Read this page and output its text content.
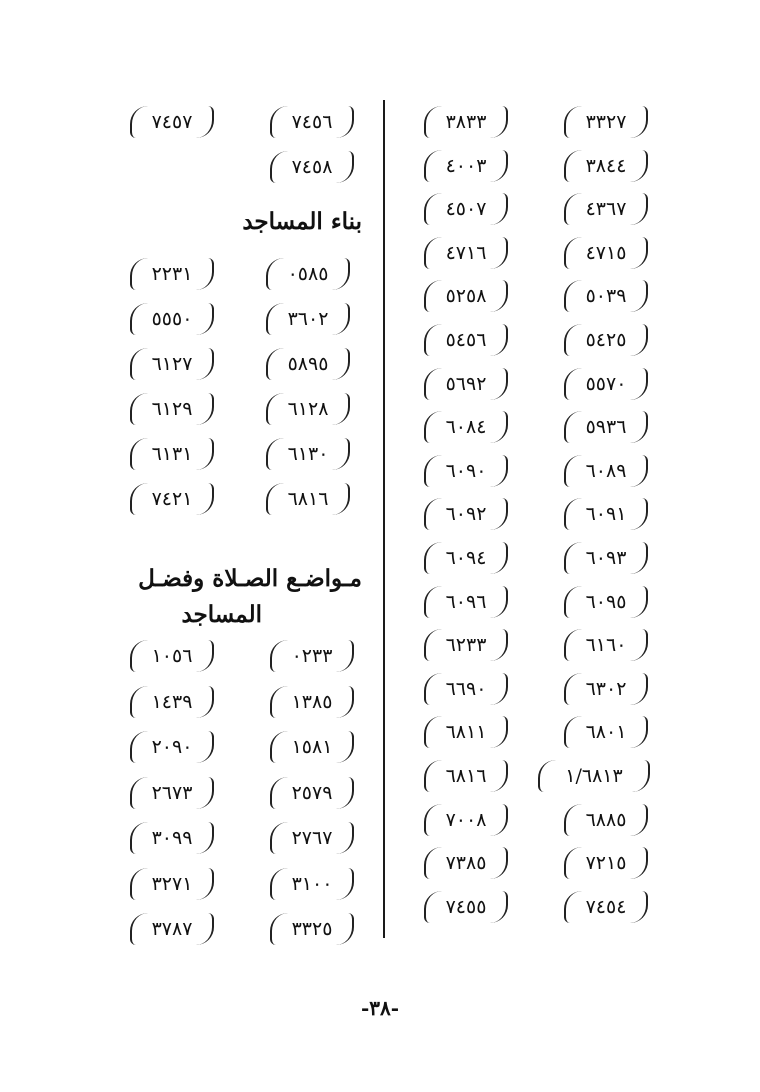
٣٣٢٧
٣٨٣٣
٣٨٤٤
٤٠٠٣
٤٣٦٧
٤٥٠٧
٤٧١٥
٤٧١٦
٥٠٣٩
٥٢٥٨
٥٤٢٥
٥٤٥٦
٥٥٧٠
٥٦٩٢
٥٩٣٦
٦٠٨٤
٦٠٨٩
٦٠٩٠
٦٠٩١
٦٠٩٢
٦٠٩٣
٦٠٩٤
٦٠٩٥
٦٠٩٦
٦١٦٠
٦٢٣٣
٦٣٠٢
٦٦٩٠
٦٨٠١
٦٨١١
١/٦٨١٣
٦٨١٦
٦٨٨٥
٧٠٠٨
٧٢١٥
٧٣٨٥
٧٤٥٤
٧٤٥٥
٧٤٥٦
٧٤٥٧
٧٤٥٨
بناء المساجد
٠٥٨٥
٢٢٣١
٣٦٠٢
٥٥٥٠
٥٨٩٥
٦١٢٧
٦١٢٨
٦١٢٩
٦١٣٠
٦١٣١
٦٨١٦
٧٤٢١
مـواضـع الصـلاة وفضـل
المساجد
٠٢٣٣
١٠٥٦
١٣٨٥
١٤٣٩
١٥٨١
٢٠٩٠
٢٥٧٩
٢٦٧٣
٢٧٦٧
٣٠٩٩
٣١٠٠
٣٢٧١
٣٣٢٥
٣٧٨٧
-٣٨-
